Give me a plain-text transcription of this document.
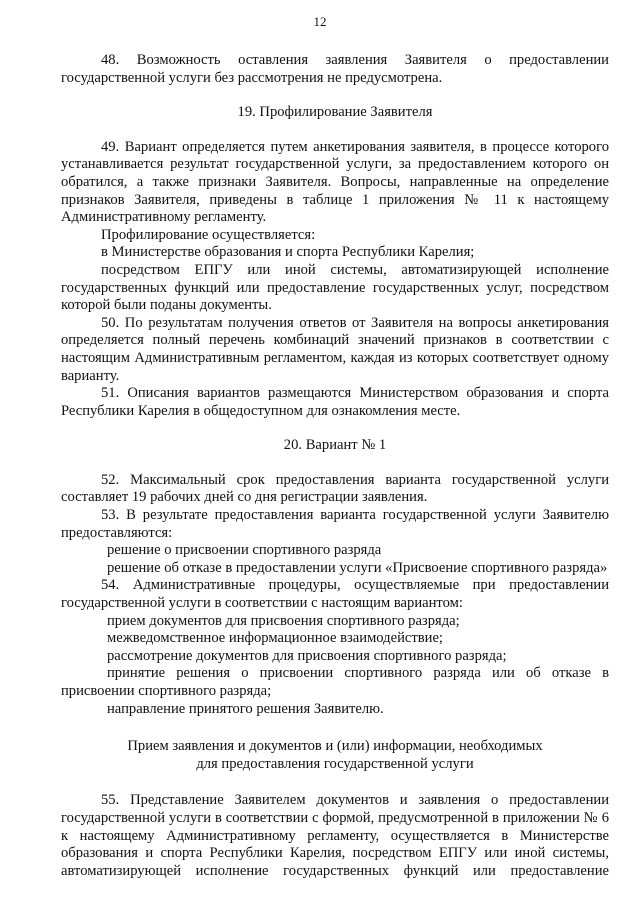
12

48. Возможность оставления заявления Заявителя о предоставлении

государственной услуги без рассмотрения не предусмотрена.

19. Профилирование Заявителя

49. Вариант определяется путем анкетирования заявителя, в процессе которого устанавливается результат государственной услуги, за предоставлением которого он обратился, а также признаки Заявителя. Вопросы, направленные на определение признаков Заявителя, приведены в таблице 1 приложения № 11 к настоящему Административному регламенту.

Профилирование осуществляется:

в Министерстве образования и спорта Республики Карелия;

посредством ЕПГУ или иной системы, автоматизирующей исполнение государственных функций или предоставление государственных услуг, посредством которой были поданы документы.

50. По результатам получения ответов от Заявителя на вопросы анкетирования определяется полный перечень комбинаций значений признаков в соответствии с настоящим Административным регламентом, каждая из которых соответствует одному варианту.

51. Описания вариантов размещаются Министерством образования и спорта Республики Карелия в общедоступном для ознакомления месте.

20. Вариант № 1

52. Максимальный срок предоставления варианта государственной услуги составляет 19 рабочих дней со дня регистрации заявления.

53. В результате предоставления варианта государственной услуги Заявителю предоставляются:

решение о присвоении спортивного разряда

решение об отказе в предоставлении услуги «Присвоение спортивного разряда»

54. Административные процедуры, осуществляемые при предоставлении государственной услуги в соответствии с настоящим вариантом:

прием документов для присвоения спортивного разряда;

межведомственное информационное взаимодействие;

рассмотрение документов для присвоения спортивного разряда;

принятие решения о присвоении спортивного разряда или об отказе в присвоении спортивного разряда;

направление принятого решения Заявителю.

Прием заявления и документов и (или) информации, необходимых

для предоставления государственной услуги

55. Представление Заявителем документов и заявления о предоставлении государственной услуги в соответствии с формой, предусмотренной в приложении № 6 к настоящему Административному регламенту, осуществляется в Министерстве образования и спорта Республики Карелия, посредством ЕПГУ или иной системы, автоматизирующей исполнение государственных функций или предоставление
